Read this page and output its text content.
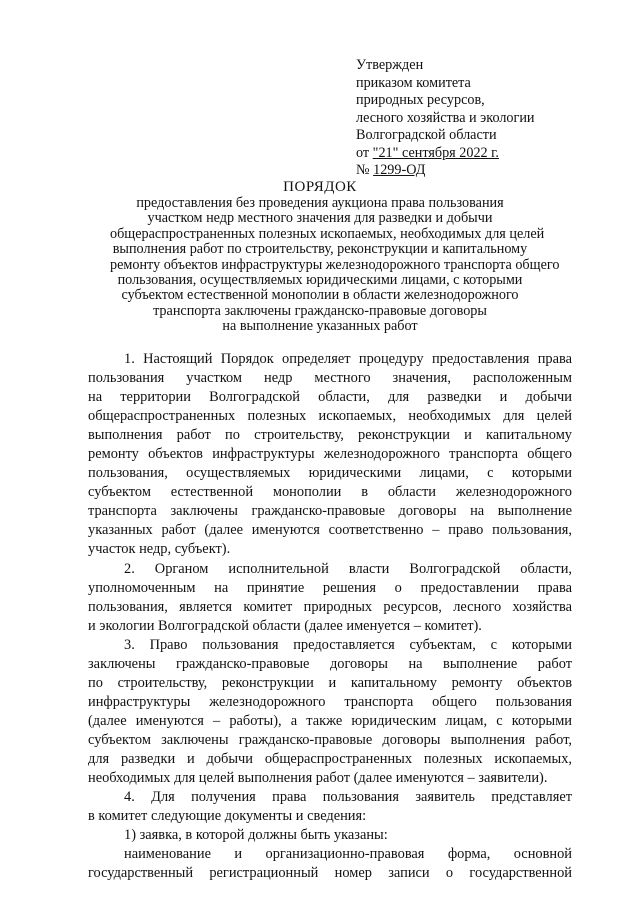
Утвержден
приказом комитета
природных ресурсов,
лесного хозяйства и экологии
Волгоградской области
от "21" сентября 2022 г.
№ 1299-ОД
ПОРЯДОК
предоставления без проведения аукциона права пользования
участком недр местного значения для разведки и добычи
общераспространенных полезных ископаемых, необходимых для целей
выполнения работ по строительству, реконструкции и капитальному
ремонту объектов инфраструктуры железнодорожного транспорта общего
пользования, осуществляемых юридическими лицами, с которыми
субъектом естественной монополии в области железнодорожного
транспорта заключены гражданско-правовые договоры
на выполнение указанных работ
1. Настоящий Порядок определяет процедуру предоставления права
пользования участком недр местного значения, расположенным
на территории Волгоградской области, для разведки и добычи
общераспространенных полезных ископаемых, необходимых для целей
выполнения работ по строительству, реконструкции и капитальному
ремонту объектов инфраструктуры железнодорожного транспорта общего
пользования, осуществляемых юридическими лицами, с которыми
субъектом естественной монополии в области железнодорожного
транспорта заключены гражданско-правовые договоры на выполнение
указанных работ (далее именуются соответственно – право пользования,
участок недр, субъект).
2. Органом исполнительной власти Волгоградской области,
уполномоченным на принятие решения о предоставлении права
пользования, является комитет природных ресурсов, лесного хозяйства
и экологии Волгоградской области (далее именуется – комитет).
3. Право пользования предоставляется субъектам, с которыми
заключены гражданско-правовые договоры на выполнение работ
по строительству, реконструкции и капитальному ремонту объектов
инфраструктуры железнодорожного транспорта общего пользования
(далее именуются – работы), а также юридическим лицам, с которыми
субъектом заключены гражданско-правовые договоры выполнения работ,
для разведки и добычи общераспространенных полезных ископаемых,
необходимых для целей выполнения работ (далее именуются – заявители).
4. Для получения права пользования заявитель представляет
в комитет следующие документы и сведения:
1) заявка, в которой должны быть указаны:
наименование и организационно-правовая форма, основной
государственный регистрационный номер записи о государственной
